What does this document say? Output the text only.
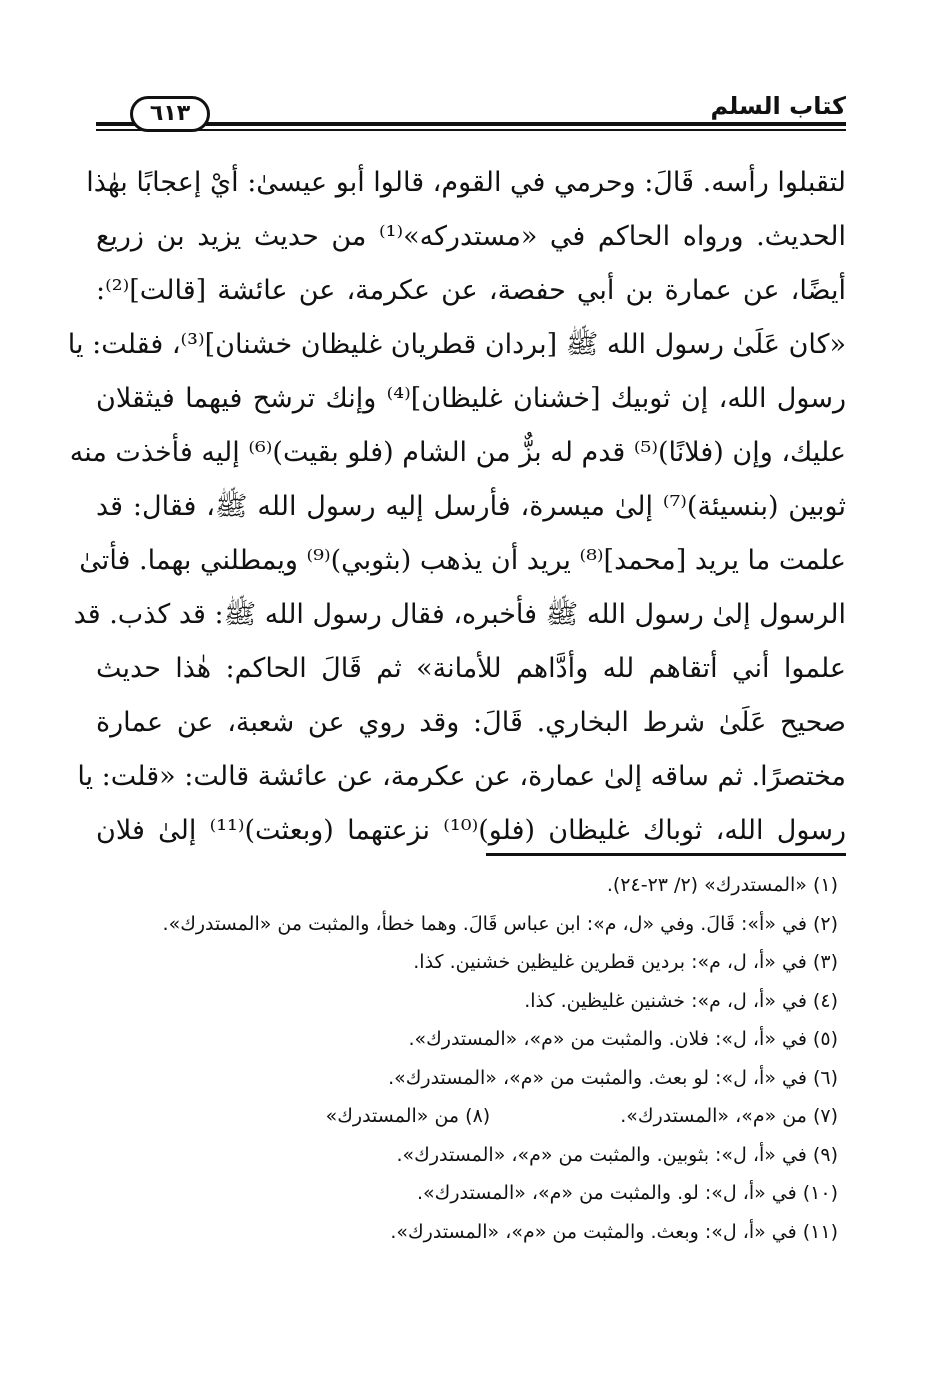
كتاب السلم
٦١٣
لتقبلوا رأسه. قَالَ: وحرمي في القوم، قالوا أبو عيسىٰ: أيْ إعجابًا بهٰذا
الحديث. ورواه الحاكم في «مستدركه»⁽¹⁾ من حديث يزيد بن زريع
أيضًا، عن عمارة بن أبي حفصة، عن عكرمة، عن عائشة [قالت]⁽²⁾:
«كان عَلَىٰ رسول الله ﷺ [بردان قطريان غليظان خشنان]⁽³⁾، فقلت: يا
رسول الله، إن ثوبيك [خشنان غليظان]⁽⁴⁾ وإنك ترشح فيهما فيثقلان
عليك، وإن (فلانًا)⁽⁵⁾ قدم له بزٌّ من الشام (فلو بقيت)⁽⁶⁾ إليه فأخذت منه
ثوبين (بنسيئة)⁽⁷⁾ إلىٰ ميسرة، فأرسل إليه رسول الله ﷺ، فقال: قد
علمت ما يريد [محمد]⁽⁸⁾ يريد أن يذهب (بثوبي)⁽⁹⁾ ويمطلني بهما. فأتىٰ
الرسول إلىٰ رسول الله ﷺ فأخبره، فقال رسول الله ﷺ: قد كذب. قد
علموا أني أتقاهم لله وأدَّاهم للأمانة» ثم قَالَ الحاكم: هٰذا حديث
صحيح عَلَىٰ شرط البخاري. قَالَ: وقد روي عن شعبة، عن عمارة
مختصرًا. ثم ساقه إلىٰ عمارة، عن عكرمة، عن عائشة قالت: «قلت: يا
رسول الله، ثوباك غليظان (فلو)⁽¹⁰⁾ نزعتهما (وبعثت)⁽¹¹⁾ إلىٰ فلان
(١) «المستدرك» (٢/ ٢٣-٢٤).
(٢) في «أ»: قَالَ. وفي «ل، م»: ابن عباس قَالَ. وهما خطأ، والمثبت من «المستدرك».
(٣) في «أ، ل، م»: بردين قطرين غليظين خشنين. كذا.
(٤) في «أ، ل، م»: خشنين غليظين. كذا.
(٥) في «أ، ل»: فلان. والمثبت من «م»، «المستدرك».
(٦) في «أ، ل»: لو بعث. والمثبت من «م»، «المستدرك».
(٧) من «م»، «المستدرك».
(٨) من «المستدرك»
(٩) في «أ، ل»: بثوبين. والمثبت من «م»، «المستدرك».
(١٠) في «أ، ل»: لو. والمثبت من «م»، «المستدرك».
(١١) في «أ، ل»: وبعث. والمثبت من «م»، «المستدرك».
